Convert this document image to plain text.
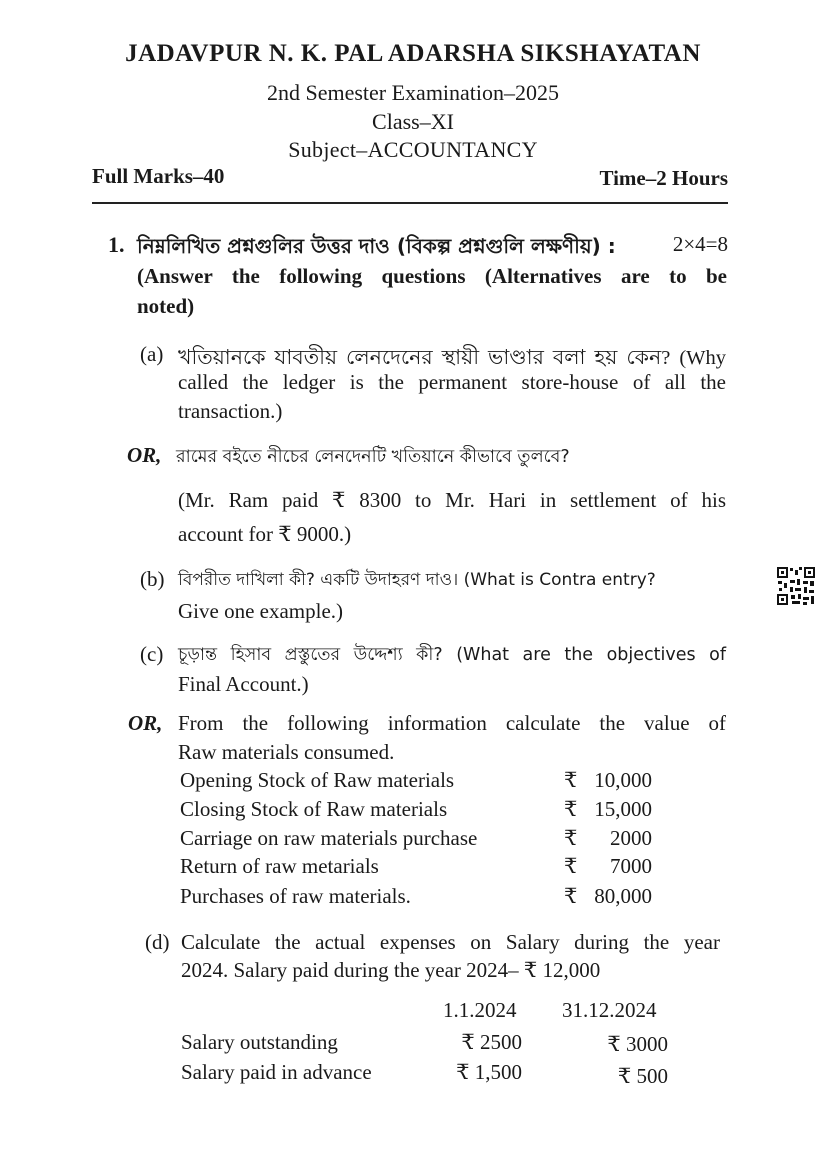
JADAVPUR N. K. PAL ADARSHA SIKSHAYATAN
2nd Semester Examination–2025
Class–XI
Subject–ACCOUNTANCY
Full Marks–40	Time–2 Hours
1. নিম্নলিখিত প্রশ্নগুলির উত্তর দাও (বিকল্প প্রশ্নগুলি লক্ষণীয়) :	2×4=8
(Answer the following questions (Alternatives are to be
noted)
(a) খতিয়ানকে যাবতীয় লেনদেনের স্থায়ী ভাণ্ডার বলা হয় কেন? (Why
called the ledger is the permanent store-house of all the
transaction.)
OR, রামের বইতে নীচের লেনদেনটি খতিয়ানে কীভাবে তুলবে?
(Mr. Ram paid ₹ 8300 to Mr. Hari in settlement of his
account for ₹ 9000.)
(b) বিপরীত দাখিলা কী? একটি উদাহরণ দাও। (What is Contra entry?
Give one example.)
(c) চূড়ান্ত হিসাব প্রস্তুতের উদ্দেশ্য কী? (What are the objectives of
Final Account.)
OR, From the following information calculate the value of
Raw materials consumed.
Opening Stock of Raw materials	₹ 10,000
Closing Stock of Raw materials	₹ 15,000
Carriage on raw materials purchase	₹ 2000
Return of raw metarials	₹ 7000
Purchases of raw materials.	₹ 80,000
(d) Calculate the actual expenses on Salary during the year
2024. Salary paid during the year 2024– ₹ 12,000
1.1.2024 31.12.2024
Salary outstanding	₹ 2500	₹ 3000
Salary paid in advance	₹ 1,500	₹ 500
